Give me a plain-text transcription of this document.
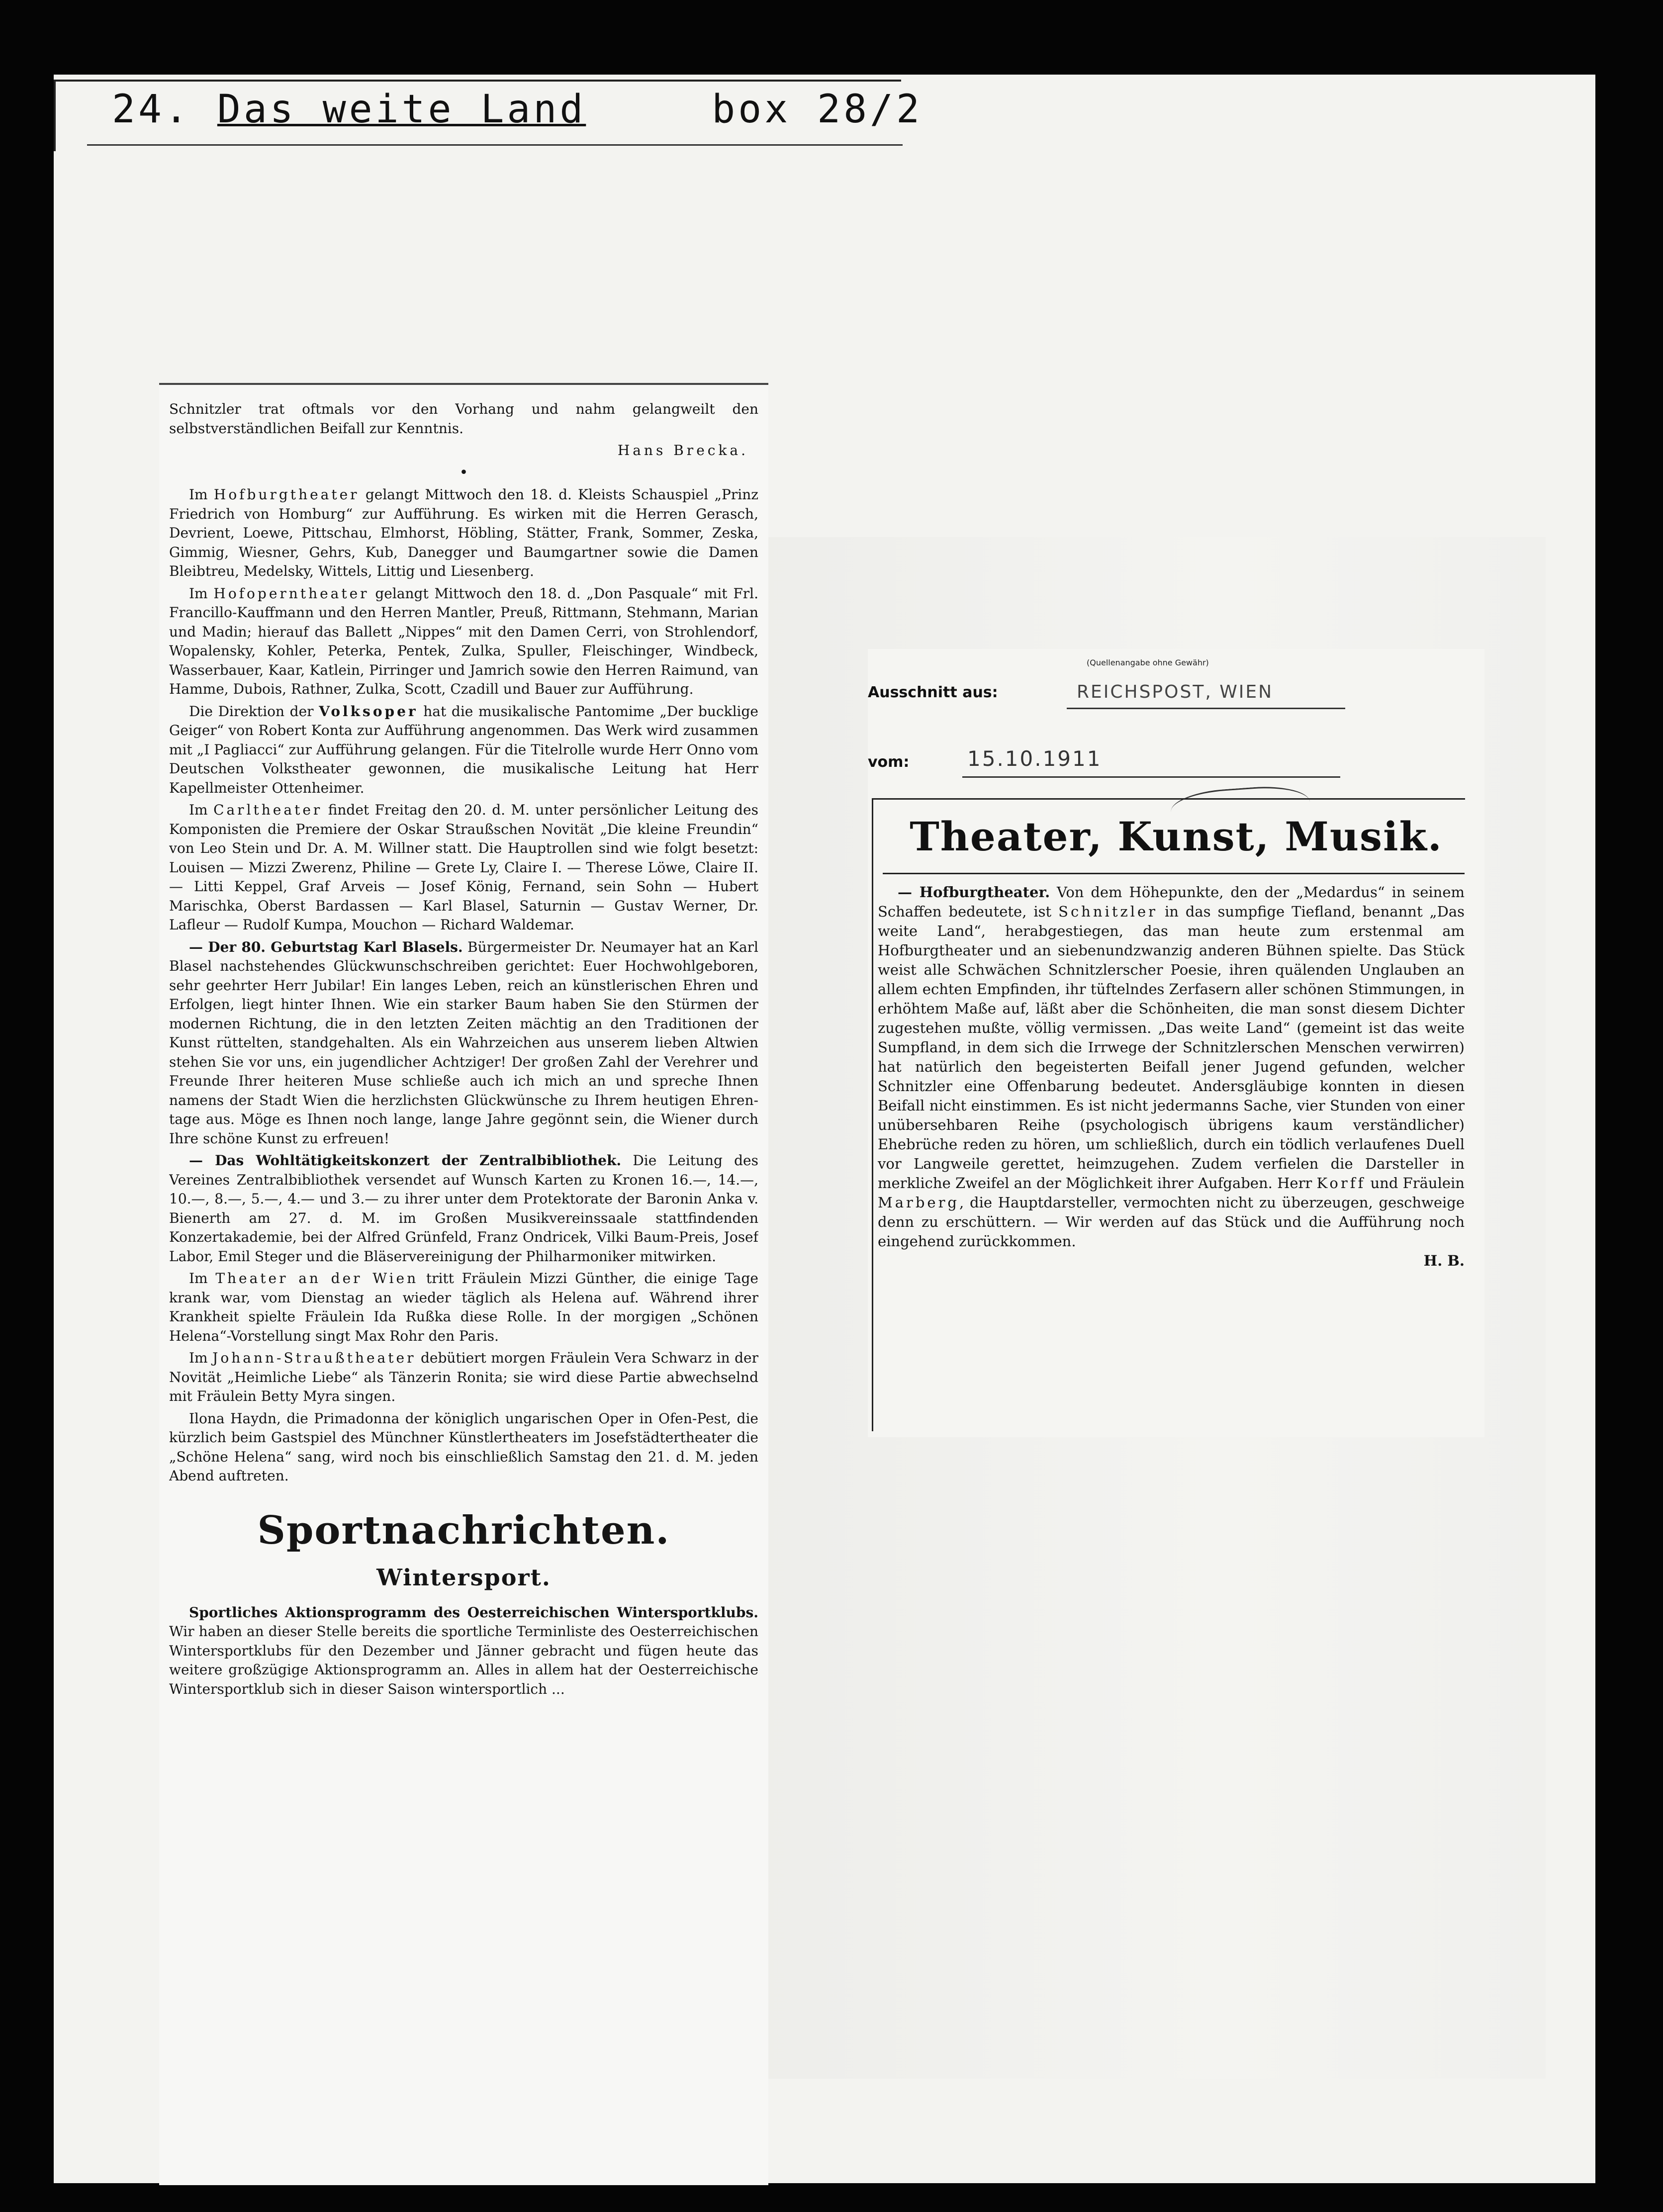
24. Das weite Land	box 28/2

Schnitzler trat oftmals vor den Vorhang und nahm gelangweilt den selbstverständlichen Beifall zur Kenntnis.

Hans Brecka.

•

Im Hofburgtheater gelangt Mittwoch den 18. d. Kleists Schauspiel „Prinz Friedrich von Homburg“ zur Aufführung. Es wirken mit die Herren Gerasch, Devrient, Loewe, Pittschau, Elmhorst, Höbling, Stätter, Frank, Sommer, Zeska, Gimmig, Wiesner, Gehrs, Kub, Danegger und Baumgartner sowie die Damen Bleibtreu, Medelsky, Wittels, Littig und Liesenberg.

Im Hofoperntheater gelangt Mittwoch den 18. d. „Don Pasquale“ mit Frl. Francillo-Kauffmann und den Herren Mantler, Preuß, Rittmann, Stehmann, Marian und Madin; hierauf das Ballett „Nippes“ mit den Damen Cerri, von Strohlendorf, Wopalensky, Kohler, Peterka, Pentek, Zulka, Spuller, Fleischinger, Windbeck, Wasserbauer, Kaar, Katlein, Pirringer und Jamrich sowie den Herren Raimund, van Hamme, Dubois, Rathner, Zulka, Scott, Czadill und Bauer zur Aufführung.

Die Direktion der Volksoper hat die musikalische Pantomime „Der bucklige Geiger“ von Robert Konta zur Aufführung angenommen. Das Werk wird zusammen mit „I Pagliacci“ zur Aufführung gelangen. Für die Titelrolle wurde Herr Onno vom Deutschen Volkstheater gewonnen, die musikalische Leitung hat Herr Kapellmeister Ottenheimer.

Im Carltheater findet Freitag den 20. d. M. unter persönlicher Leitung des Komponisten die Premiere der Oskar Straußschen Novität „Die kleine Freundin“ von Leo Stein und Dr. A. M. Willner statt. Die Hauptrollen sind wie folgt besetzt: Louisen — Mizzi Zwerenz, Philine — Grete Ly, Claire I. — Therese Löwe, Claire II. — Litti Keppel, Graf Arveis — Josef König, Fernand, sein Sohn — Hubert Marischka, Oberst Bardassen — Karl Blasel, Saturnin — Gustav Werner, Dr. Lafleur — Rudolf Kumpa, Mouchon — Richard Waldemar.

— Der 80. Geburtstag Karl Blasels. Bürgermeister Dr. Neumayer hat an Karl Blasel nachstehendes Glückwunschschreiben gerichtet: Euer Hochwohlgeboren, sehr geehrter Herr Jubilar! Ein langes Leben, reich an künstlerischen Ehren und Erfolgen, liegt hinter Ihnen. Wie ein starker Baum haben Sie den Stürmen der modernen Richtung, die in den letzten Zeiten mächtig an den Traditionen der Kunst rüttelten, standgehalten. Als ein Wahrzeichen aus unserem lieben Altwien stehen Sie vor uns, ein jugendlicher Achtziger! Der großen Zahl der Verehrer und Freunde Ihrer heiteren Muse schließe auch ich mich an und spreche Ihnen namens der Stadt Wien die herzlichsten Glückwünsche zu Ihrem heutigen Ehrentage aus. Möge es Ihnen noch lange, lange Jahre gegönnt sein, die Wiener durch Ihre schöne Kunst zu erfreuen!

— Das Wohltätigkeitskonzert der Zentralbibliothek. Die Leitung des Vereines Zentralbibliothek versendet auf Wunsch Karten zu Kronen 16.—, 14.—, 10.—, 8.—, 5.—, 4.— und 3.— zu ihrer unter dem Protektorate der Baronin Anka v. Bienerth am 27. d. M. im Großen Musikvereinssaale stattfindenden Konzertakademie, bei der Alfred Grünfeld, Franz Ondricek, Vilki Baum-Preis, Josef Labor, Emil Steger und die Bläservereinigung der Philharmoniker mitwirken.

Im Theater an der Wien tritt Fräulein Mizzi Günther, die einige Tage krank war, vom Dienstag an wieder täglich als Helena auf. Während ihrer Krankheit spielte Fräulein Ida Rußka diese Rolle. In der morgigen „Schönen Helena“-Vorstellung singt Max Rohr den Paris.

Im Johann-Straußtheater debütiert morgen Fräulein Vera Schwarz in der Novität „Heimliche Liebe“ als Tänzerin Ronita; sie wird diese Partie abwechselnd mit Fräulein Betty Myra singen.

Ilona Haydn, die Primadonna der königlich ungarischen Oper in Ofen-Pest, die kürzlich beim Gastspiel des Münchner Künstlertheaters im Josefstädtertheater die „Schöne Helena“ sang, wird noch bis einschließlich Samstag den 21. d. M. jeden Abend auftreten.

Sportnachrichten.

Wintersport.

Sportliches Aktionsprogramm des Oesterreichischen Wintersportklubs. Wir haben an dieser Stelle bereits die sportliche Terminliste des Oesterreichischen Wintersportklubs für den Dezember und Jänner gebracht und fügen heute das weitere großzügige Aktionsprogramm an. Alles in allem hat der Oesterreichische Wintersportklub sich in dieser Saison wintersportlich ...

(Quellenangabe ohne Gewähr)
Ausschnitt aus:	REICHSPOST, WIEN
vom:	15.10.1911
Theater, Kunst, Musik.

— Hofburgtheater. Von dem Höhepunkte, den der „Medardus“ in seinem Schaffen bedeutete, ist Schnitzler in das sumpfige Tiefland, benannt „Das weite Land“, herabgestiegen, das man heute zum erstenmal am Hofburgtheater und an siebenundzwanzig anderen Bühnen spielte. Das Stück weist alle Schwächen Schnitzlerscher Poesie, ihren quälenden Unglauben an allem echten Empfinden, ihr tüftelndes Zerfasern aller schönen Stimmungen, in erhöhtem Maße auf, läßt aber die Schönheiten, die man sonst diesem Dichter zugestehen mußte, völlig vermissen. „Das weite Land“ (gemeint ist das weite Sumpfland, in dem sich die Irrwege der Schnitzlerschen Menschen verwirren) hat natürlich den begeisterten Beifall jener Jugend gefunden, welcher Schnitzler eine Offenbarung bedeutet. Andersgläubige konnten in diesen Beifall nicht einstimmen. Es ist nicht jedermanns Sache, vier Stunden von einer unübersehbaren Reihe (psychologisch übrigens kaum verständlicher) Ehebrüche reden zu hören, um schließlich, durch ein tödlich verlaufenes Duell vor Langweile gerettet, heimzugehen. Zudem verfielen die Darsteller in merkliche Zweifel an der Möglichkeit ihrer Aufgaben. Herr Korff und Fräulein Marberg, die Hauptdarsteller, vermochten nicht zu überzeugen, geschweige denn zu erschüttern. — Wir werden auf das Stück und die Aufführung noch eingehend zurückkommen.

H. B.
